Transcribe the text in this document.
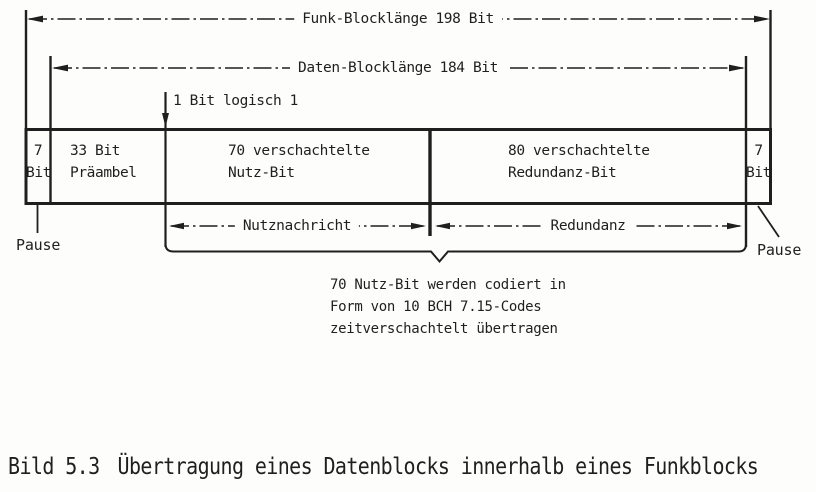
Funk-Blocklänge 198 Bit
Daten-Blocklänge 184 Bit
1 Bit logisch 1
7
Bit
33 Bit
Präambel
70 verschachtelte
Nutz-Bit
80 verschachtelte
Redundanz-Bit
7
Bit
Pause	Pause
Nutznachricht	Redundanz
70 Nutz-Bit werden codiert in
Form von 10 BCH 7.15-Codes
zeitverschachtelt übertragen
Bild 5.3 Übertragung eines Datenblocks innerhalb eines Funkblocks
